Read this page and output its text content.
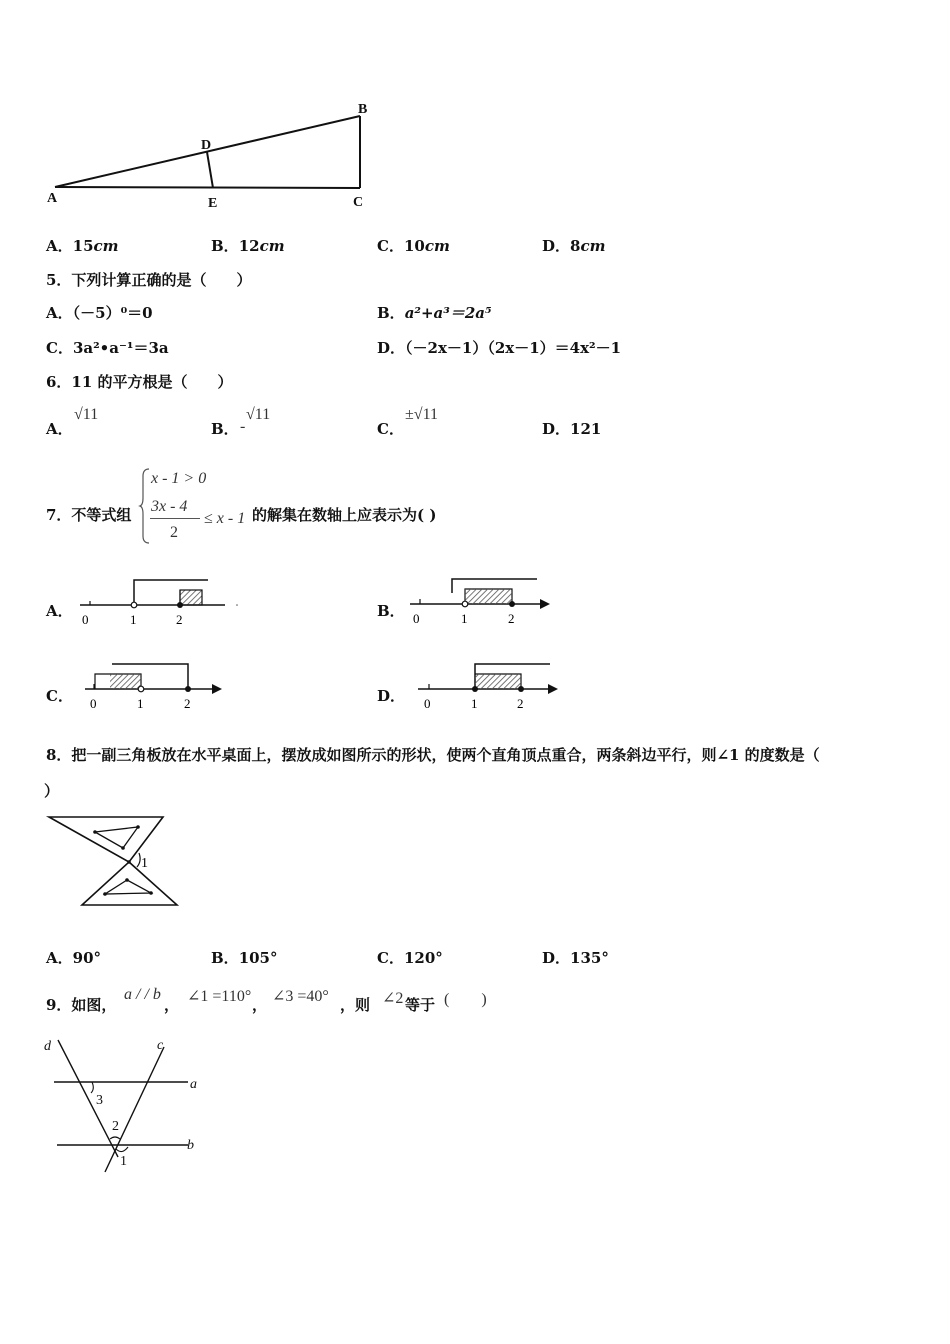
A
B
C
D
E
A．15cm	B．12cm	C．10cm	D．8cm
5．下列计算正确的是（　　）
A．（－5）⁰＝0	B．a²+a³＝2a⁵
C．3a²•a⁻¹＝3a	D．（－2x－1）（2x－1）＝4x²－1
6．11 的平方根是（　　）
A．
√11
B． -
√11
C．
±√11
D．121
7．不等式组
x - 1 > 0
3x - 4
2
≤ x - 1 的解集在数轴上应表示为( )
A． 0	1	2	B． 0	1	2
C． 0	1	2	D． 0	1	2
8．把一副三角板放在水平桌面上，摆放成如图所示的形状，使两个直角顶点重合，两条斜边平行，则∠1 的度数是（
）
1
A．90°	B．105°	C．120°	D．135°
9．如图，
a / / b
， ∠1 =110° ， ∠3 =40° ，则 ∠2 等于 (　　)
d	c
a
b
3
2
1
